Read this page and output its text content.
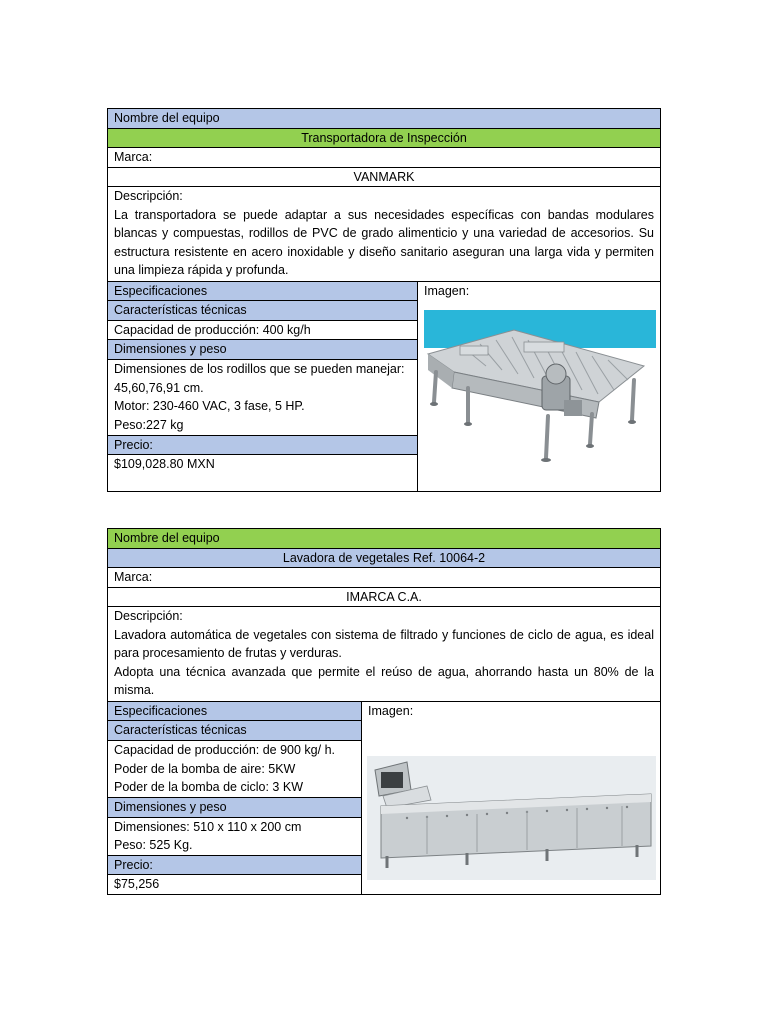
Nombre del equipo
Transportadora de Inspección
Marca:
VANMARK

Descripción:

La transportadora se puede adaptar a sus necesidades específicas con bandas modulares blancas y compuestas, rodillos de PVC de grado alimenticio y una variedad de accesorios. Su estructura resistente en acero inoxidable y diseño sanitario aseguran una larga vida y permiten una limpieza rápida y profunda.

Especificaciones
Características técnicas
Capacidad de producción: 400 kg/h
Dimensiones y peso
Dimensiones de los rodillos que se pueden manejar:
45,60,76,91 cm.
Motor: 230-460 VAC, 3 fase, 5 HP.
Peso:227 kg
Precio:
$109,028.80 MXN
Imagen:
Nombre del equipo
Lavadora de vegetales Ref. 10064-2
Marca:
IMARCA C.A.

Descripción:

Lavadora automática de vegetales con sistema de filtrado y funciones de ciclo de agua, es ideal para procesamiento de frutas y verduras.

Adopta una técnica avanzada que permite el reúso de agua, ahorrando hasta un 80% de la misma.

Especificaciones
Características técnicas
Capacidad de producción: de 900 kg/ h.
Poder de la bomba de aire: 5KW
Poder de la bomba de ciclo: 3 KW
Dimensiones y peso
Dimensiones: 510 x 110 x 200 cm
Peso: 525 Kg.
Precio:
$75,256
Imagen:
